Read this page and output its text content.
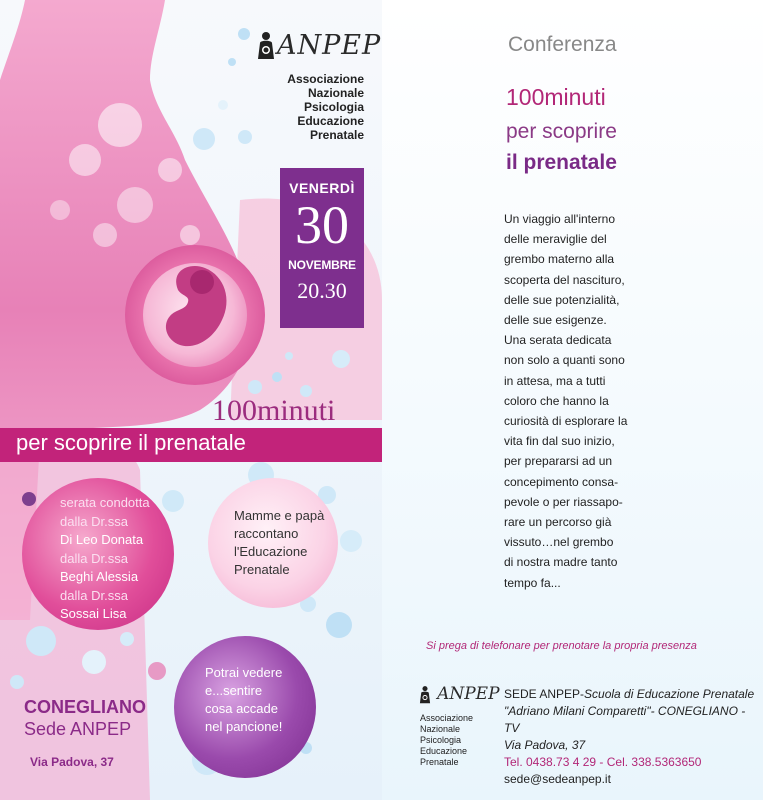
ANPEP
Associazione
Nazionale
Psicologia
Educazione
Prenatale
VENERDÌ
30
NOVEMBRE
20.30
100minuti
per scoprire il prenatale
serata condotta
dalla Dr.ssa
Di Leo Donata
dalla Dr.ssa
Beghi Alessia
dalla Dr.ssa
Sossai Lisa
Mamme e papà
raccontano
l'Educazione
Prenatale
Potrai vedere
e...sentire
cosa accade
nel pancione!
CONEGLIANO
Sede ANPEP
Via Padova, 37
Conferenza
100minuti
per scoprire
il prenatale
Un viaggio all'interno
delle meraviglie del
grembo materno alla
scoperta del nascituro,
delle sue potenzialità,
delle sue esigenze.
Una serata dedicata
non solo a quanti sono
in attesa, ma a tutti
coloro che hanno la
curiosità di esplorare la
vita fin dal suo inizio,
per prepararsi ad un
concepimento consa-
pevole o per riassapo-
rare un percorso già
vissuto…nel grembo
di nostra madre tanto
tempo fa...
Si prega di telefonare per prenotare la propria presenza
ANPEP
Associazione
Nazionale
Psicologia
Educazione
Prenatale
SEDE ANPEP-Scuola di Educazione Prenatale
"Adriano Milani Comparetti"- CONEGLIANO - TV
Via Padova, 37
Tel. 0438.73 4 29 - Cel. 338.5363650
sede@sedeanpep.it
